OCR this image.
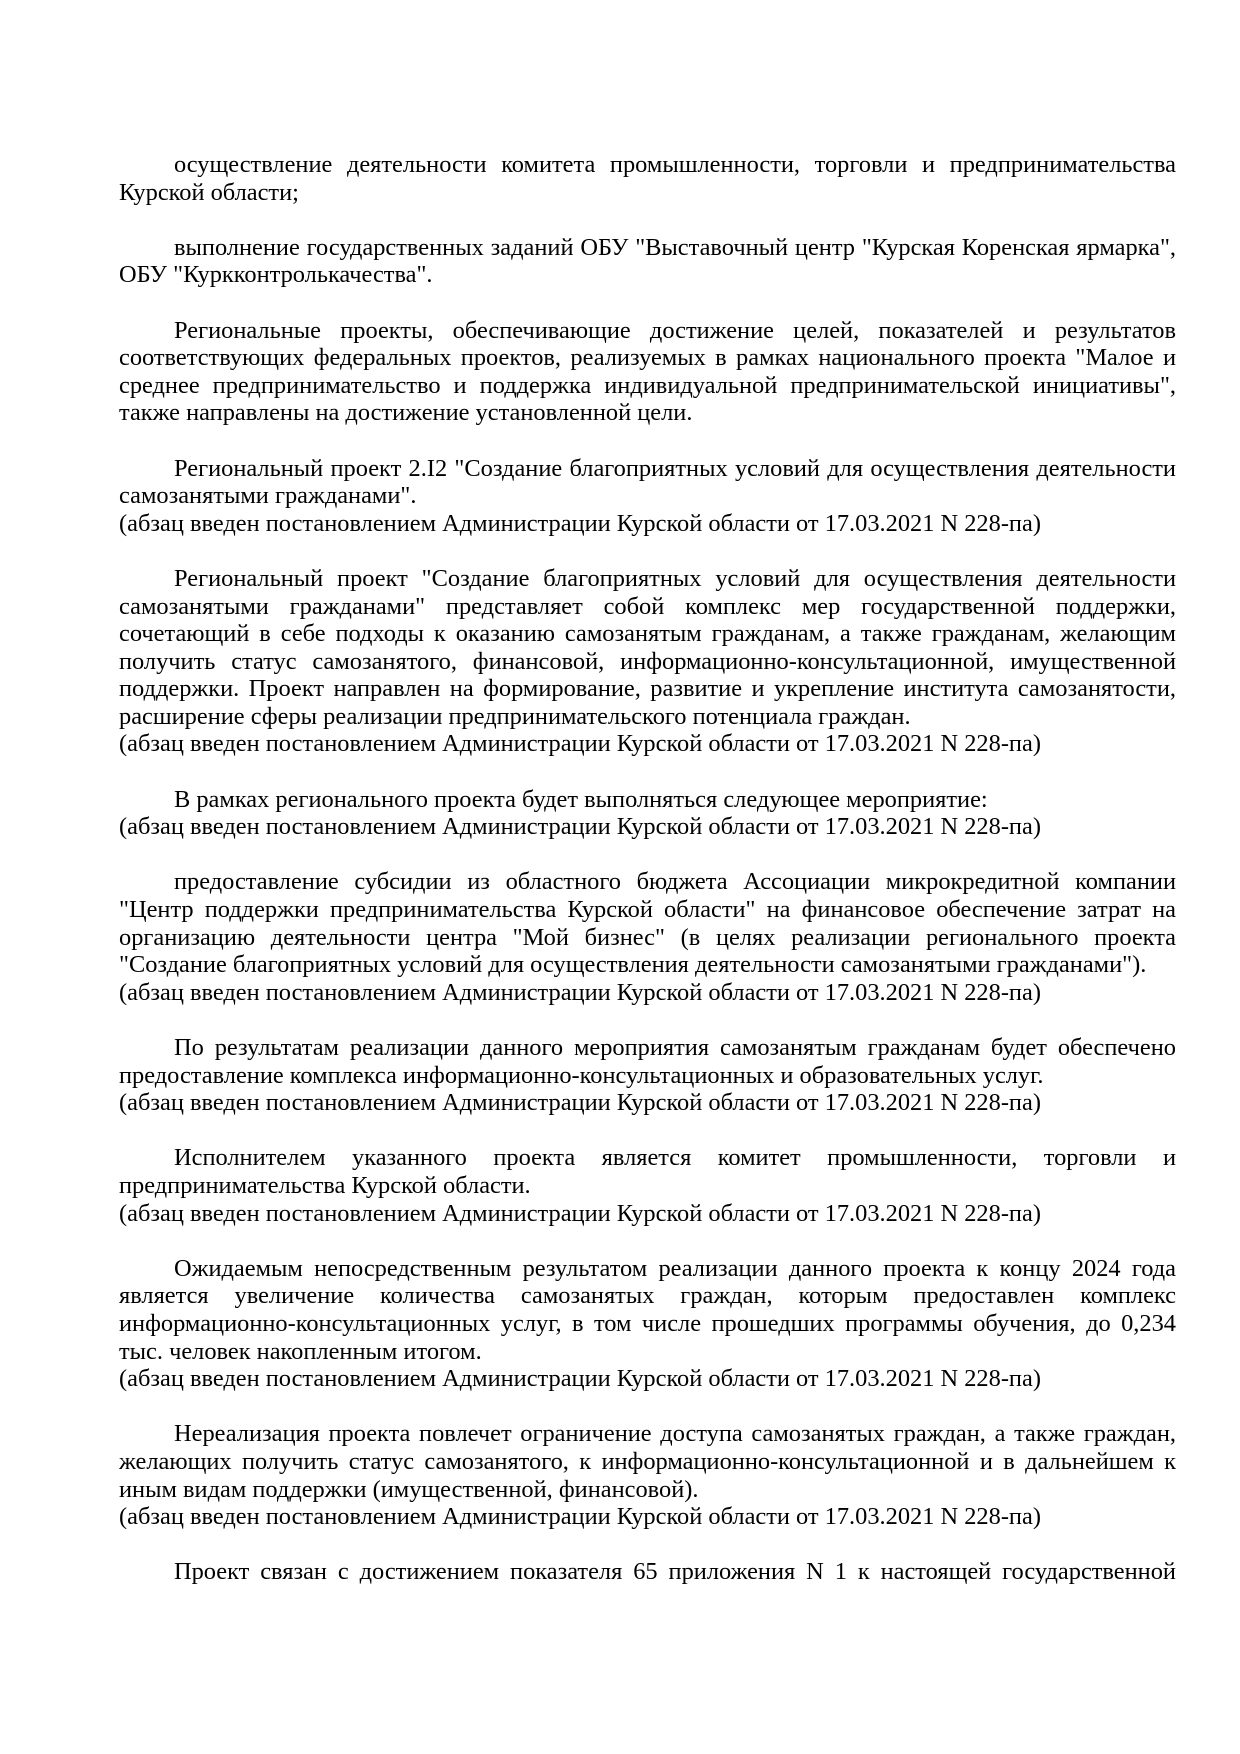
осуществление деятельности комитета промышленности, торговли и предпринимательства Курской области;

выполнение государственных заданий ОБУ "Выставочный центр "Курская Коренская ярмарка", ОБУ "Куркконтролькачества".

Региональные проекты, обеспечивающие достижение целей, показателей и результатов соответствующих федеральных проектов, реализуемых в рамках национального проекта "Малое и среднее предпринимательство и поддержка индивидуальной предпринимательской инициативы", также направлены на достижение установленной цели.

Региональный проект 2.I2 "Создание благоприятных условий для осуществления деятельности самозанятыми гражданами".

(абзац введен постановлением Администрации Курской области от 17.03.2021 N 228-па)

Региональный проект "Создание благоприятных условий для осуществления деятельности самозанятыми гражданами" представляет собой комплекс мер государственной поддержки, сочетающий в себе подходы к оказанию самозанятым гражданам, а также гражданам, желающим получить статус самозанятого, финансовой, информационно-консультационной, имущественной поддержки. Проект направлен на формирование, развитие и укрепление института самозанятости, расширение сферы реализации предпринимательского потенциала граждан.

(абзац введен постановлением Администрации Курской области от 17.03.2021 N 228-па)

В рамках регионального проекта будет выполняться следующее мероприятие:

(абзац введен постановлением Администрации Курской области от 17.03.2021 N 228-па)

предоставление субсидии из областного бюджета Ассоциации микрокредитной компании "Центр поддержки предпринимательства Курской области" на финансовое обеспечение затрат на организацию деятельности центра "Мой бизнес" (в целях реализации регионального проекта "Создание благоприятных условий для осуществления деятельности самозанятыми гражданами").

(абзац введен постановлением Администрации Курской области от 17.03.2021 N 228-па)

По результатам реализации данного мероприятия самозанятым гражданам будет обеспечено предоставление комплекса информационно-консультационных и образовательных услуг.

(абзац введен постановлением Администрации Курской области от 17.03.2021 N 228-па)

Исполнителем указанного проекта является комитет промышленности, торговли и предпринимательства Курской области.

(абзац введен постановлением Администрации Курской области от 17.03.2021 N 228-па)

Ожидаемым непосредственным результатом реализации данного проекта к концу 2024 года является увеличение количества самозанятых граждан, которым предоставлен комплекс информационно-консультационных услуг, в том числе прошедших программы обучения, до 0,234 тыс. человек накопленным итогом.

(абзац введен постановлением Администрации Курской области от 17.03.2021 N 228-па)

Нереализация проекта повлечет ограничение доступа самозанятых граждан, а также граждан, желающих получить статус самозанятого, к информационно-консультационной и в дальнейшем к иным видам поддержки (имущественной, финансовой).

(абзац введен постановлением Администрации Курской области от 17.03.2021 N 228-па)

Проект связан с достижением показателя 65 приложения N 1 к настоящей государственной
